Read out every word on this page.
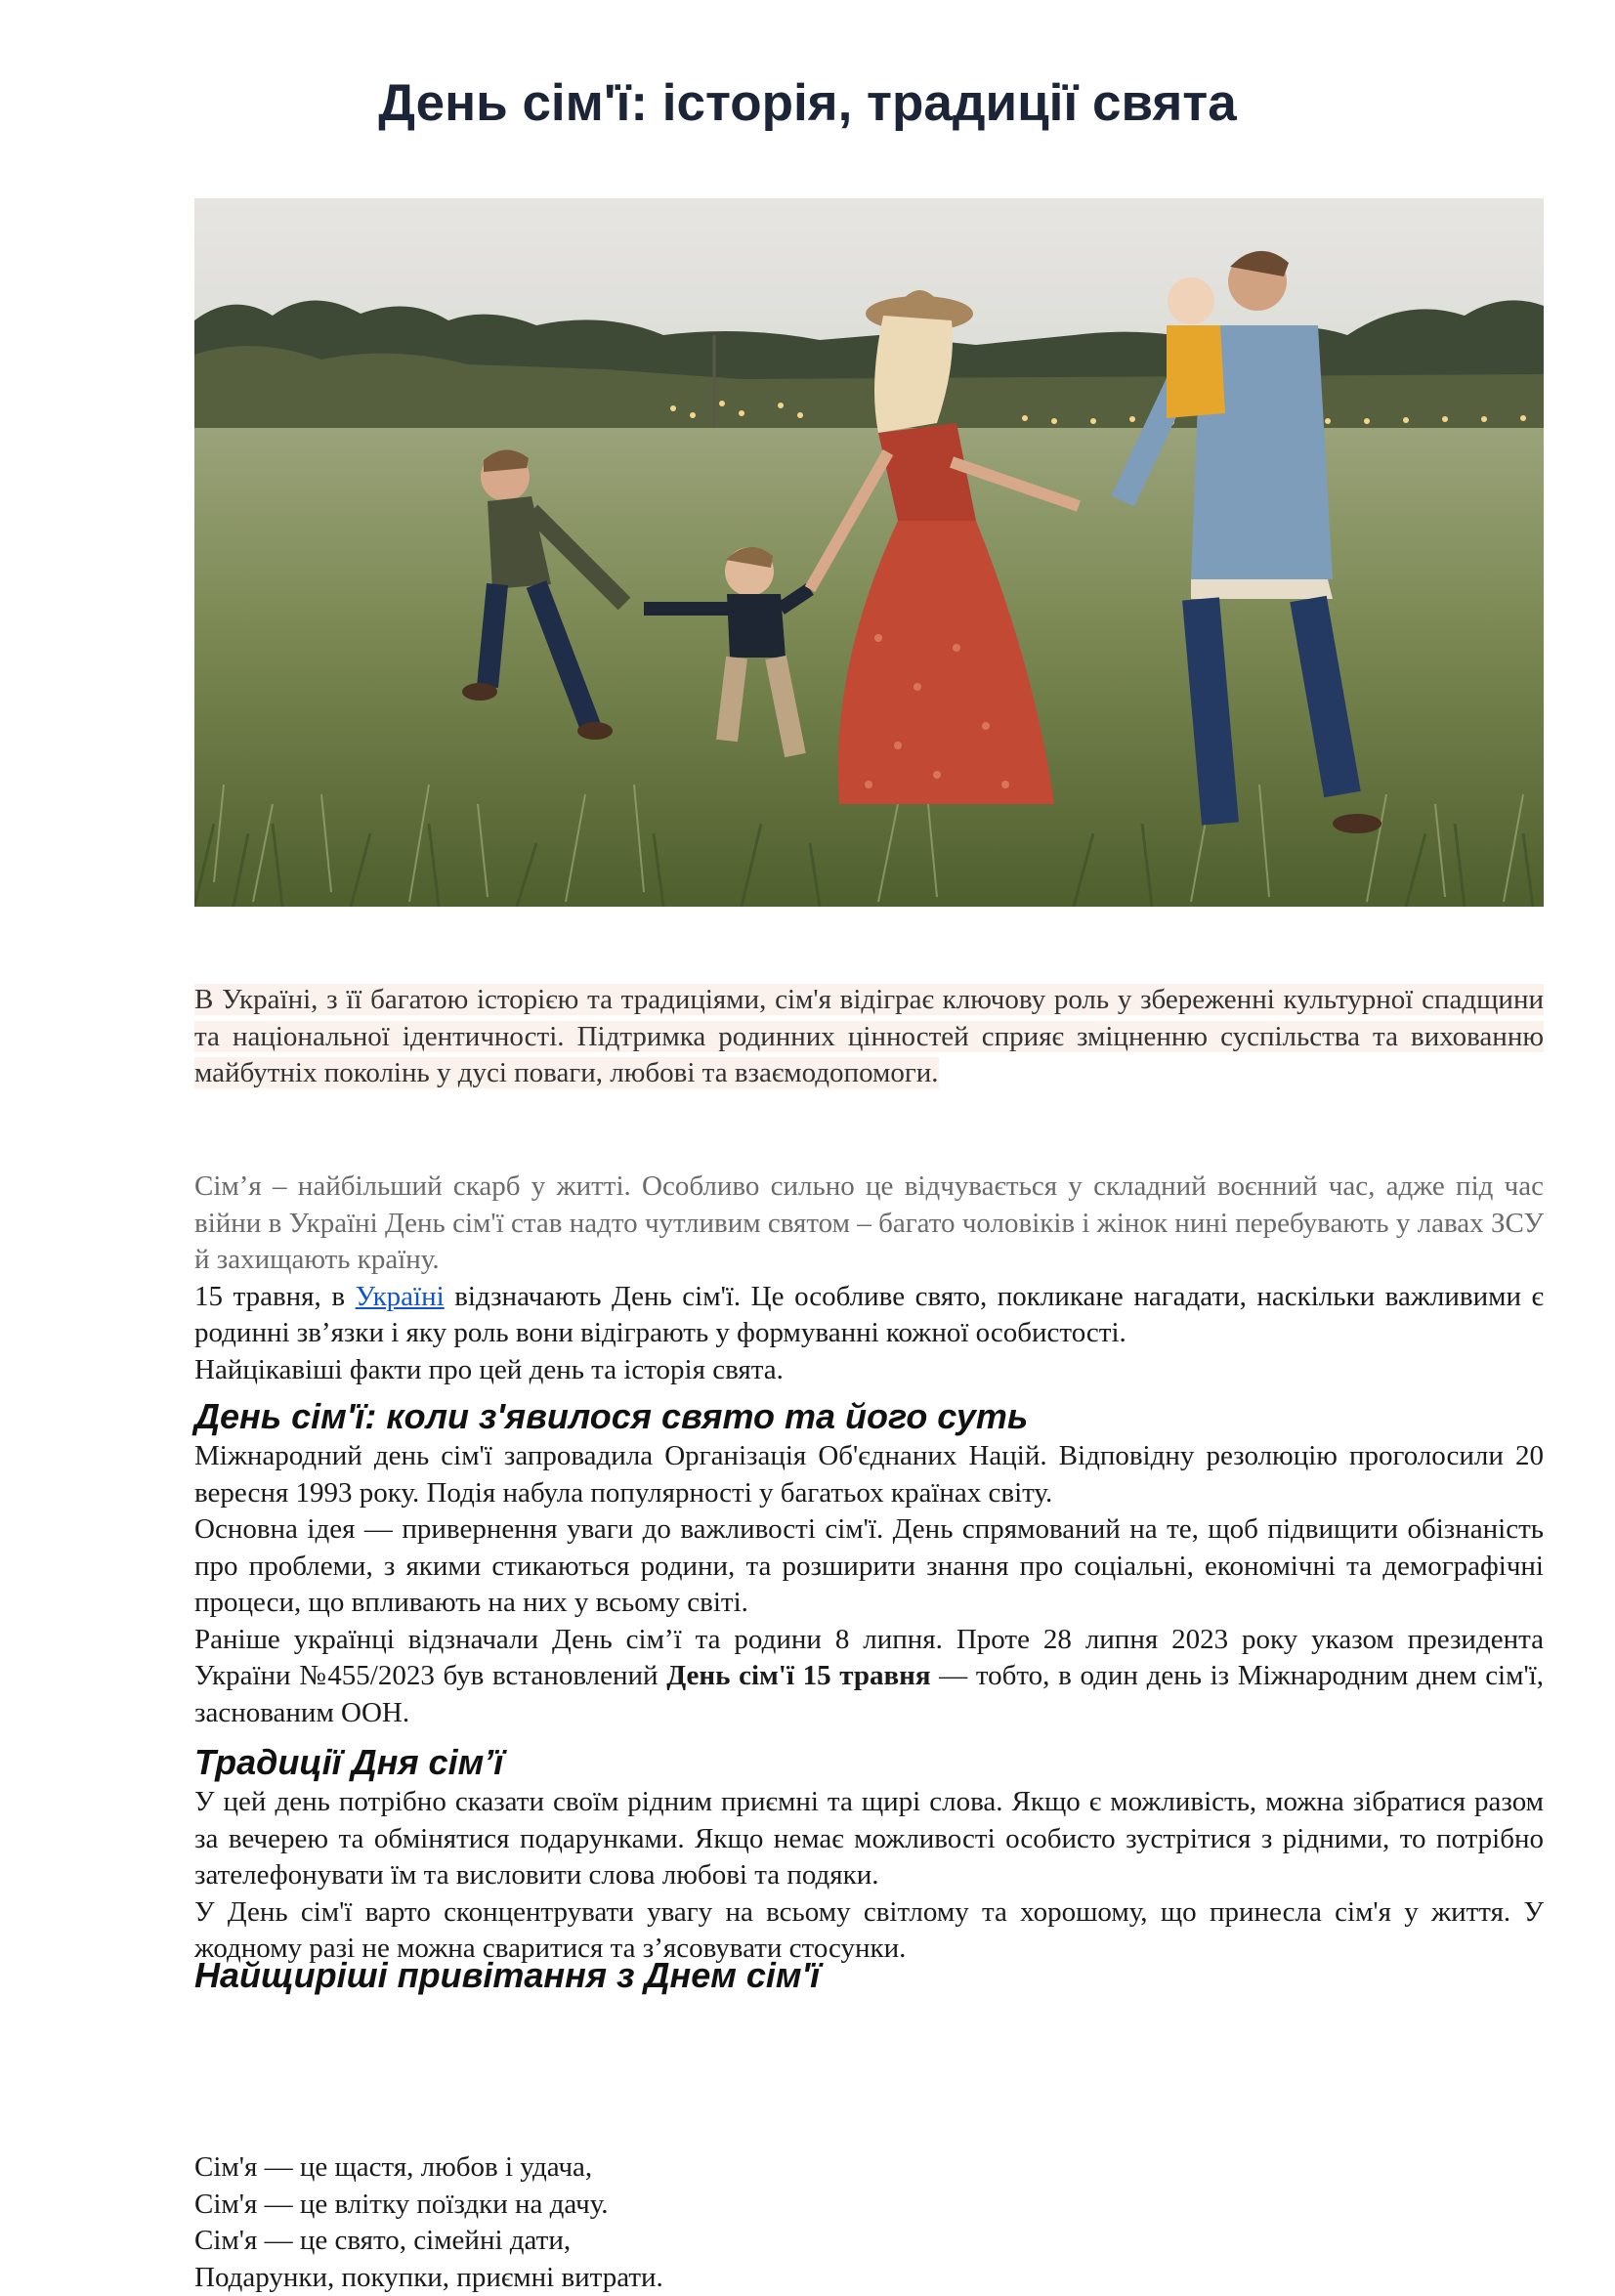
День сім'ї: історія, традиції свята

В Україні, з її багатою історією та традиціями, сім'я відіграє ключову роль у збереженні культурної спадщини та національної ідентичності. Підтримка родинних цінностей сприяє зміцненню суспільства та вихованню майбутніх поколінь у дусі поваги, любові та взаємодопомоги.

Сім’я – найбільший скарб у житті. Особливо сильно це відчувається у складний воєнний час, адже під час війни в Україні День сім'ї став надто чутливим святом – багато чоловіків і жінок нині перебувають у лавах ЗСУ й захищають країну.

15 травня, в Україні відзначають День сім'ї. Це особливе свято, покликане нагадати, наскільки важливими є родинні зв’язки і яку роль вони відіграють у формуванні кожної особистості.

Найцікавіші факти про цей день та історія свята.

День сім'ї: коли з'явилося свято та його суть

Міжнародний день сім'ї запровадила Організація Об'єднаних Націй. Відповідну резолюцію проголосили 20 вересня 1993 року. Подія набула популярності у багатьох країнах світу.

Основна ідея — привернення уваги до важливості сім'ї. День спрямований на те, щоб підвищити обізнаність про проблеми, з якими стикаються родини, та розширити знання про соціальні, економічні та демографічні процеси, що впливають на них у всьому світі.

Раніше українці відзначали День сім’ї та родини 8 липня. Проте 28 липня 2023 року указом президента України №455/2023 був встановлений День сім'ї 15 травня — тобто, в один день із Міжнародним днем сім'ї, заснованим ООН.

Традиції Дня сім’ї

У цей день потрібно сказати своїм рідним приємні та щирі слова. Якщо є можливість, можна зібратися разом за вечерею та обмінятися подарунками. Якщо немає можливості особисто зустрітися з рідними, то потрібно зателефонувати їм та висловити слова любові та подяки.

У День сім'ї варто сконцентрувати увагу на всьому світлому та хорошому, що принесла сім'я у життя. У жодному разі не можна сваритися та з’ясовувати стосунки.

Найщиріші привітання з Днем сім'ї

Сім'я — це щастя, любов і удача,

Сім'я — це влітку поїздки на дачу.

Сім'я — це свято, сімейні дати,

Подарунки, покупки, приємні витрати.
